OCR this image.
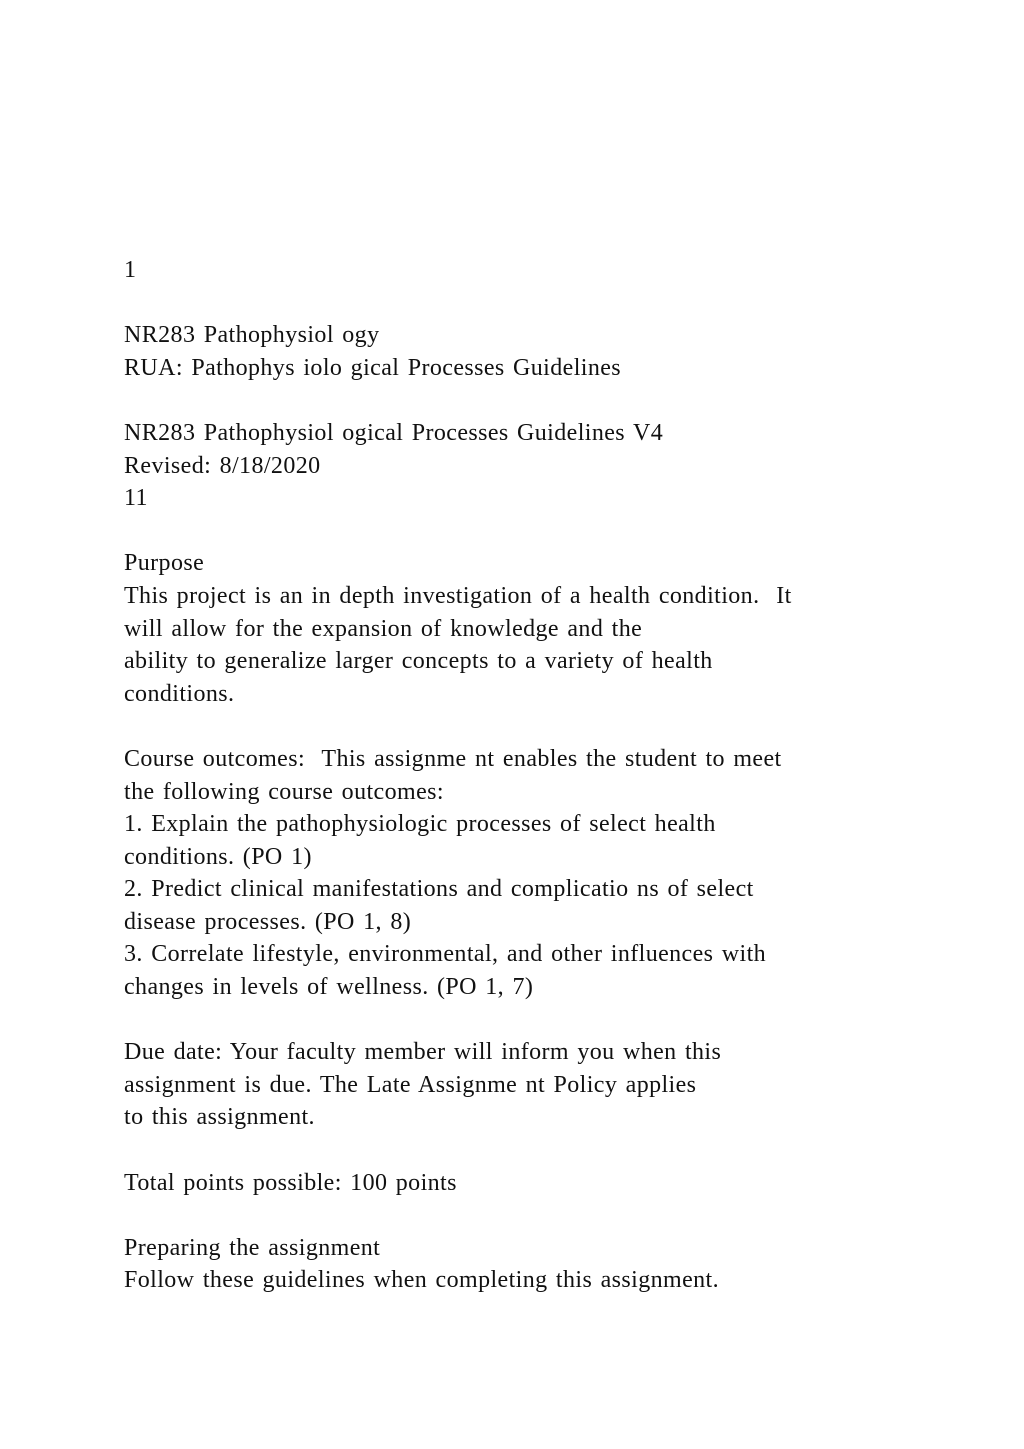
1
NR283 Pathophysiol ogy
RUA: Pathophys iolo gical Processes Guidelines
NR283 Pathophysiol ogical Processes Guidelines V4
Revised: 8/18/2020
11
Purpose
This project is an in depth investigation of a health condition.  It
will allow for the expansion of knowledge and the
ability to generalize larger concepts to a variety of health
conditions.
Course outcomes:  This assignme nt enables the student to meet
the following course outcomes:
1. Explain the pathophysiologic processes of select health
conditions. (PO 1)
2. Predict clinical manifestations and complicatio ns of select
disease processes. (PO 1, 8)
3. Correlate lifestyle, environmental, and other influences with
changes in levels of wellness. (PO 1, 7)
Due date: Your faculty member will inform you when this
assignment is due. The Late Assignme nt Policy applies
to this assignment.
Total points possible: 100 points
Preparing the assignment
Follow these guidelines when completing this assignment.
